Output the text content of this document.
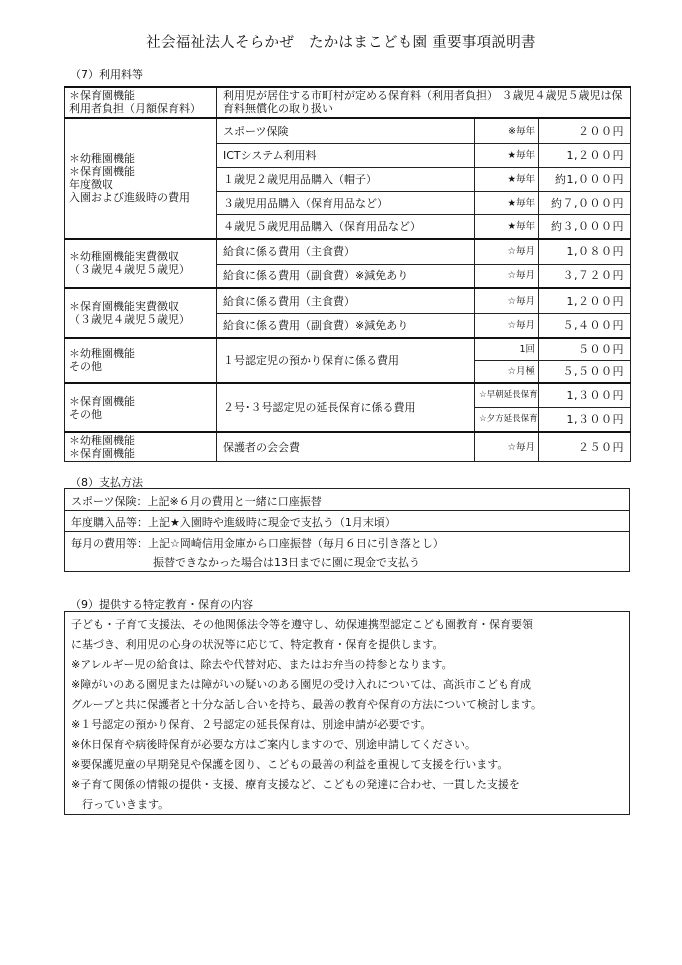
社会福祉法人そらかぜ　たかはまこども園 重要事項説明書
（7）利用料等
＊保育園機能
利用者負担（月額保育料）	利用児が居住する市町村が定める保育料（利用者負担） ３歳児４歳児５歳児は保育料無償化の取り扱い		

＊幼稚園機能
＊保育園機能
年度徴収
入園および進級時の費用	スポーツ保険	※毎年	２００円
	ICTシステム利用料	★毎年	1,２００円
	１歳児２歳児用品購入（帽子）	★毎年	約1,０００円
	３歳児用品購入（保育用品など）	★毎年	約７,０００円
	４歳児５歳児用品購入（保育用品など）	★毎年	約３,０００円

＊幼稚園機能実費徴収
（３歳児４歳児５歳児）	給食に係る費用（主食費）	☆毎月	1,０８０円
	給食に係る費用（副食費）※減免あり	☆毎月	３,７２０円

＊保育園機能実費徴収
（３歳児４歳児５歳児）	給食に係る費用（主食費）	☆毎月	1,２００円
	給食に係る費用（副食費）※減免あり	☆毎月	５,４００円

＊幼稚園機能
その他	１号認定児の預かり保育に係る費用	1回	５００円
		☆月極	５,５００円

＊保育園機能
その他	２号･３号認定児の延長保育に係る費用	☆早朝延長保育	1,３００円
		☆夕方延長保育	1,３００円

＊幼稚園機能
＊保育園機能	保護者の会会費	☆毎月	２５０円
（8）支払方法
スポーツ保険：上記※６月の費用と一緒に口座振替
年度購入品等：上記★入園時や進級時に現金で支払う（1月末頃）
毎月の費用等：上記☆岡崎信用金庫から口座振替（毎月６日に引き落とし）
振替できなかった場合は13日までに園に現金で支払う
（9）提供する特定教育・保育の内容
子ども・子育て支援法、その他関係法令等を遵守し、幼保連携型認定こども園教育・保育要領
に基づき、利用児の心身の状況等に応じて、特定教育・保育を提供します。
※アレルギー児の給食は、除去や代替対応、またはお弁当の持参となります。
※障がいのある園児または障がいの疑いのある園児の受け入れについては、高浜市こども育成
グループと共に保護者と十分な話し合いを持ち、最善の教育や保育の方法について検討します。
※１号認定の預かり保育、２号認定の延長保育は、別途申請が必要です。
※休日保育や病後時保育が必要な方はご案内しますので、別途申請してください。
※要保護児童の早期発見や保護を図り、こどもの最善の利益を重視して支援を行います。
※子育て関係の情報の提供・支援、療育支援など、こどもの発達に合わせ、一貫した支援を
　行っていきます。
